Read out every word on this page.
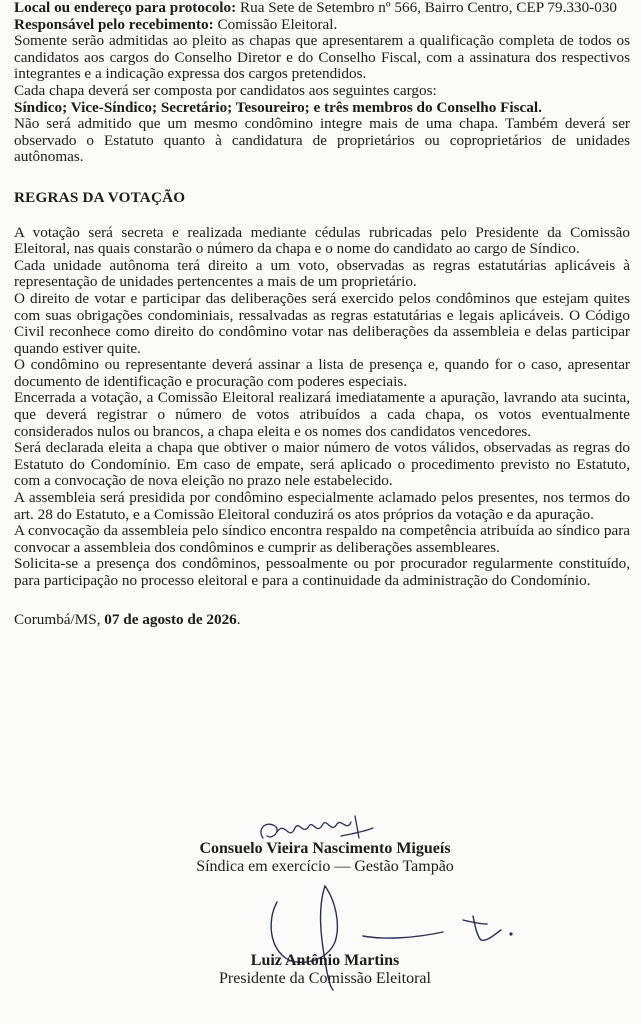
Local ou endereço para protocolo: Rua Sete de Setembro nº 566, Bairro Centro, CEP 79.330-030

Responsável pelo recebimento: Comissão Eleitoral.

Somente serão admitidas ao pleito as chapas que apresentarem a qualificação completa de todos os candidatos aos cargos do Conselho Diretor e do Conselho Fiscal, com a assinatura dos respectivos integrantes e a indicação expressa dos cargos pretendidos.

Cada chapa deverá ser composta por candidatos aos seguintes cargos:

Síndico; Vice-Síndico; Secretário; Tesoureiro; e três membros do Conselho Fiscal.

Não será admitido que um mesmo condômino integre mais de uma chapa. Também deverá ser observado o Estatuto quanto à candidatura de proprietários ou coproprietários de unidades autônomas.

REGRAS DA VOTAÇÃO

A votação será secreta e realizada mediante cédulas rubricadas pelo Presidente da Comissão Eleitoral, nas quais constarão o número da chapa e o nome do candidato ao cargo de Síndico.

Cada unidade autônoma terá direito a um voto, observadas as regras estatutárias aplicáveis à representação de unidades pertencentes a mais de um proprietário.

O direito de votar e participar das deliberações será exercido pelos condôminos que estejam quites com suas obrigações condominiais, ressalvadas as regras estatutárias e legais aplicáveis. O Código Civil reconhece como direito do condômino votar nas deliberações da assembleia e delas participar quando estiver quite.

O condômino ou representante deverá assinar a lista de presença e, quando for o caso, apresentar documento de identificação e procuração com poderes especiais.

Encerrada a votação, a Comissão Eleitoral realizará imediatamente a apuração, lavrando ata sucinta, que deverá registrar o número de votos atribuídos a cada chapa, os votos eventualmente considerados nulos ou brancos, a chapa eleita e os nomes dos candidatos vencedores.

Será declarada eleita a chapa que obtiver o maior número de votos válidos, observadas as regras do Estatuto do Condomínio. Em caso de empate, será aplicado o procedimento previsto no Estatuto, com a convocação de nova eleição no prazo nele estabelecido.

A assembleia será presidida por condômino especialmente aclamado pelos presentes, nos termos do art. 28 do Estatuto, e a Comissão Eleitoral conduzirá os atos próprios da votação e da apuração.

A convocação da assembleia pelo síndico encontra respaldo na competência atribuída ao síndico para convocar a assembleia dos condôminos e cumprir as deliberações assembleares.

Solicita-se a presença dos condôminos, pessoalmente ou por procurador regularmente constituído, para participação no processo eleitoral e para a continuidade da administração do Condomínio.

Corumbá/MS, 07 de agosto de 2026.

Consuelo Vieira Nascimento Migueís
Síndica em exercício — Gestão Tampão
Luiz Antônio Martins
Presidente da Comissão Eleitoral
